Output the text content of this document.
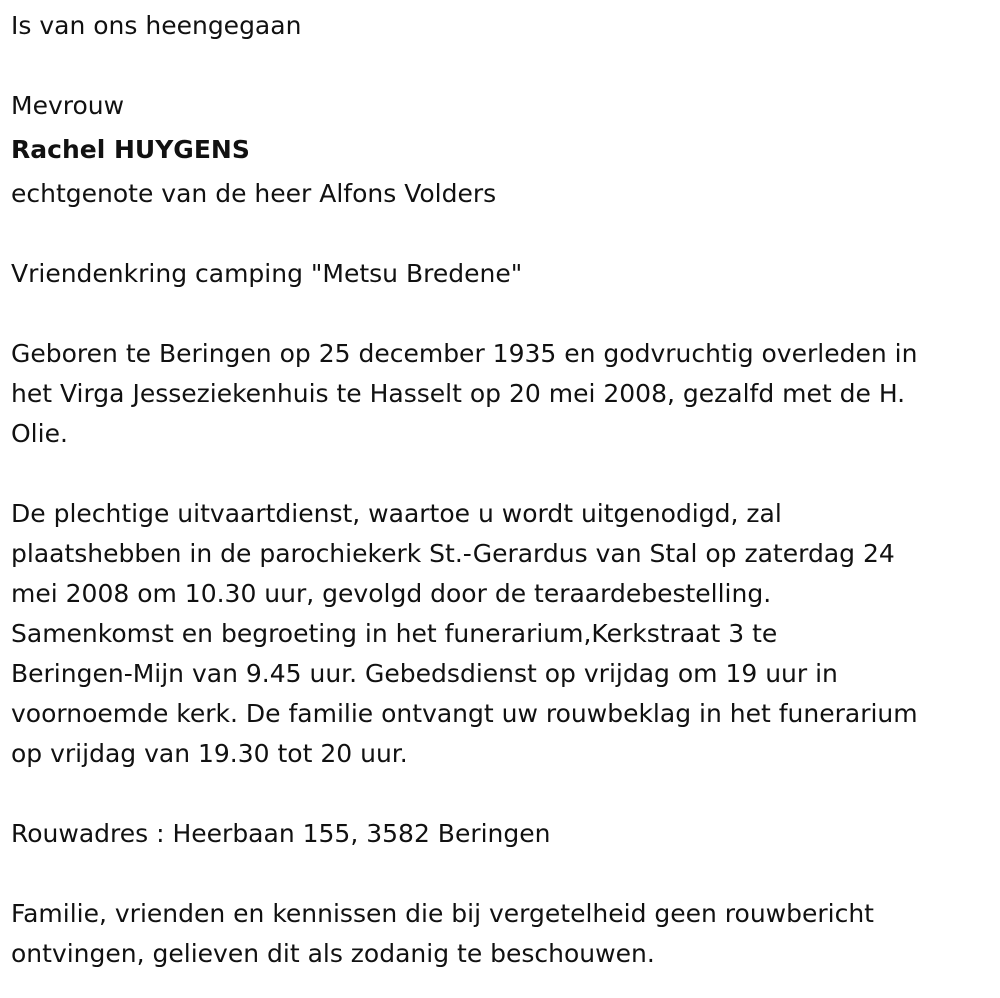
Is van ons heengegaan
Mevrouw
Rachel HUYGENS
echtgenote van de heer Alfons Volders
Vriendenkring camping "Metsu Bredene"
Geboren te Beringen op 25 december 1935 en godvruchtig overleden in
het Virga Jesseziekenhuis te Hasselt op 20 mei 2008, gezalfd met de H.
Olie.
De plechtige uitvaartdienst, waartoe u wordt uitgenodigd, zal
plaatshebben in de parochiekerk St.-Gerardus van Stal op zaterdag 24
mei 2008 om 10.30 uur, gevolgd door de teraardebestelling.
Samenkomst en begroeting in het funerarium,Kerkstraat 3 te
Beringen-Mijn van 9.45 uur. Gebedsdienst op vrijdag om 19 uur in
voornoemde kerk. De familie ontvangt uw rouwbeklag in het funerarium
op vrijdag van 19.30 tot 20 uur.
Rouwadres : Heerbaan 155, 3582 Beringen
Familie, vrienden en kennissen die bij vergetelheid geen rouwbericht
ontvingen, gelieven dit als zodanig te beschouwen.
